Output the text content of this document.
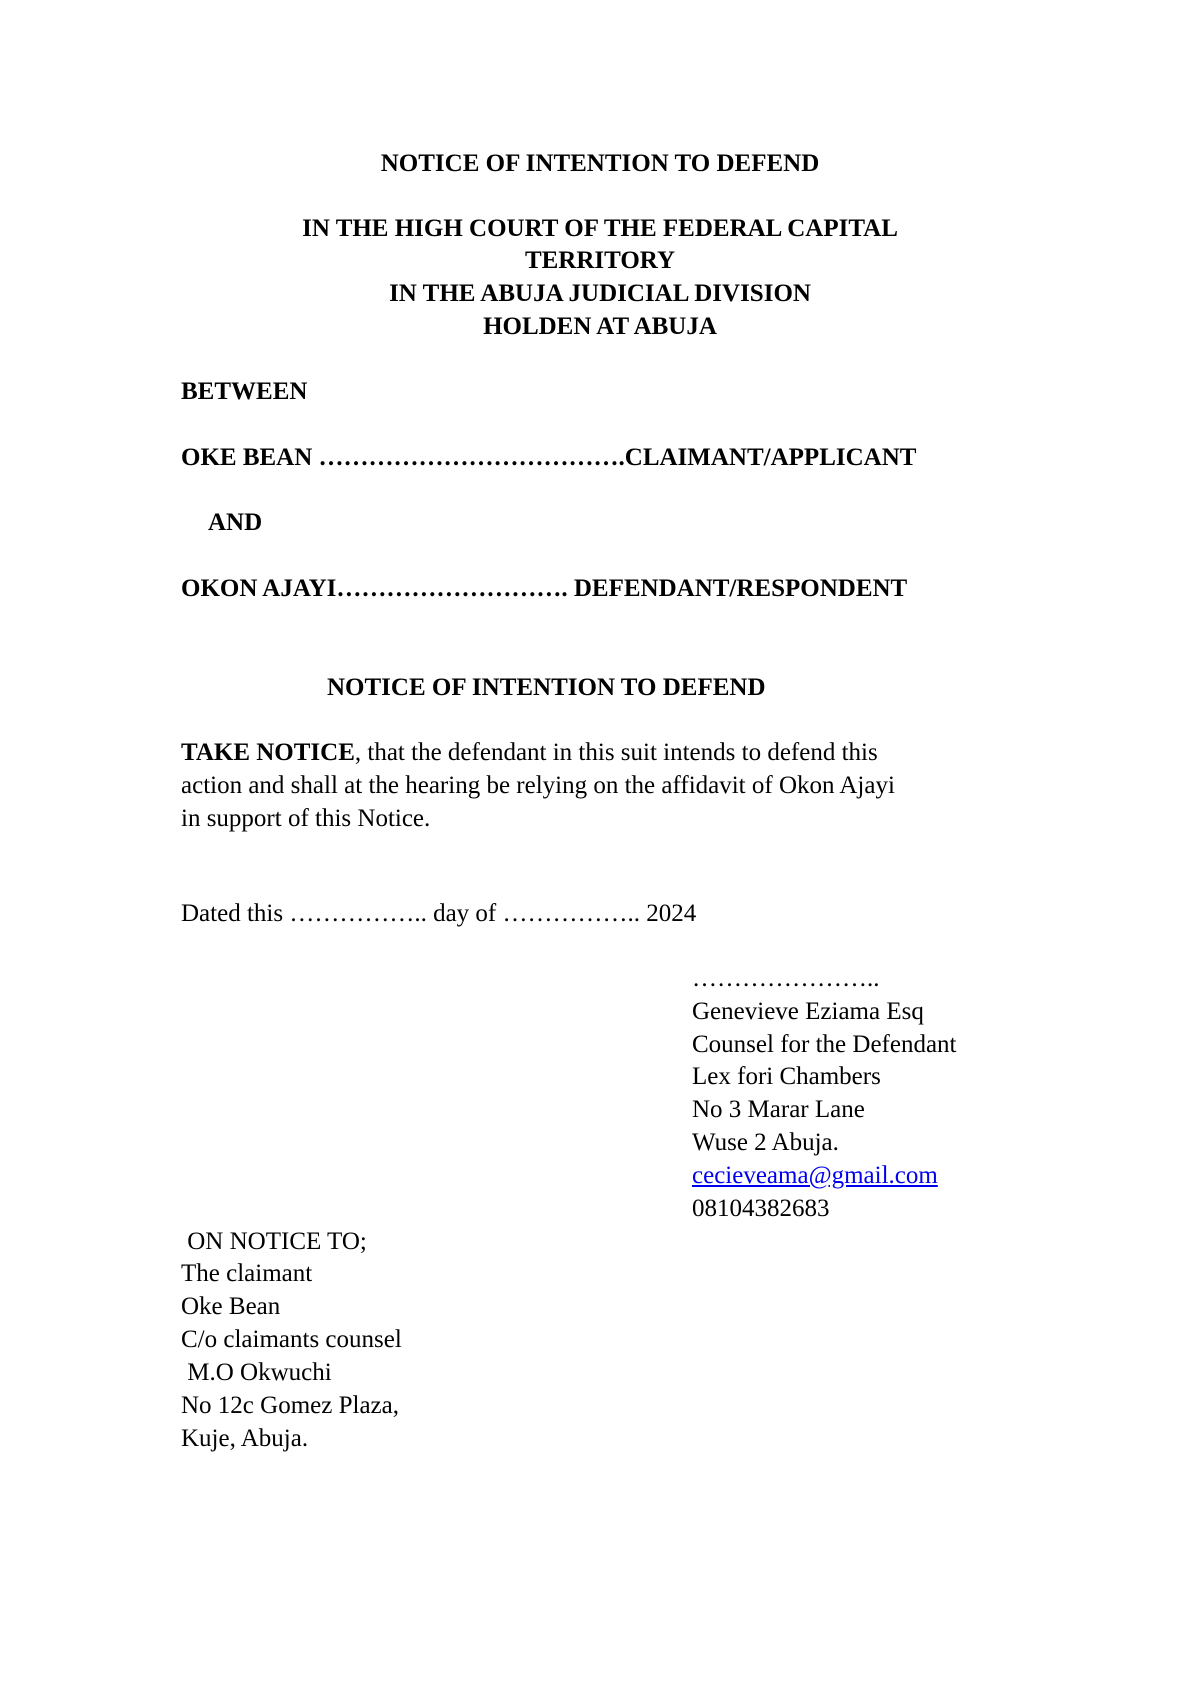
NOTICE OF INTENTION TO DEFEND
IN THE HIGH COURT OF THE FEDERAL CAPITAL
TERRITORY
IN THE ABUJA JUDICIAL DIVISION
HOLDEN AT ABUJA
BETWEEN
OKE BEAN ……………………………….CLAIMANT/APPLICANT
AND
OKON AJAYI………………………. DEFENDANT/RESPONDENT
NOTICE OF INTENTION TO DEFEND
TAKE NOTICE, that the defendant in this suit intends to defend this
action and shall at the hearing be relying on the affidavit of Okon Ajayi
in support of this Notice.
Dated this …………….. day of …………….. 2024
…………………..
Genevieve Eziama Esq
Counsel for the Defendant
Lex fori Chambers
No 3 Marar Lane
Wuse 2 Abuja.
cecieveama@gmail.com
08104382683
ON NOTICE TO;
The claimant
Oke Bean
C/o claimants counsel
M.O Okwuchi
No 12c Gomez Plaza,
Kuje, Abuja.
